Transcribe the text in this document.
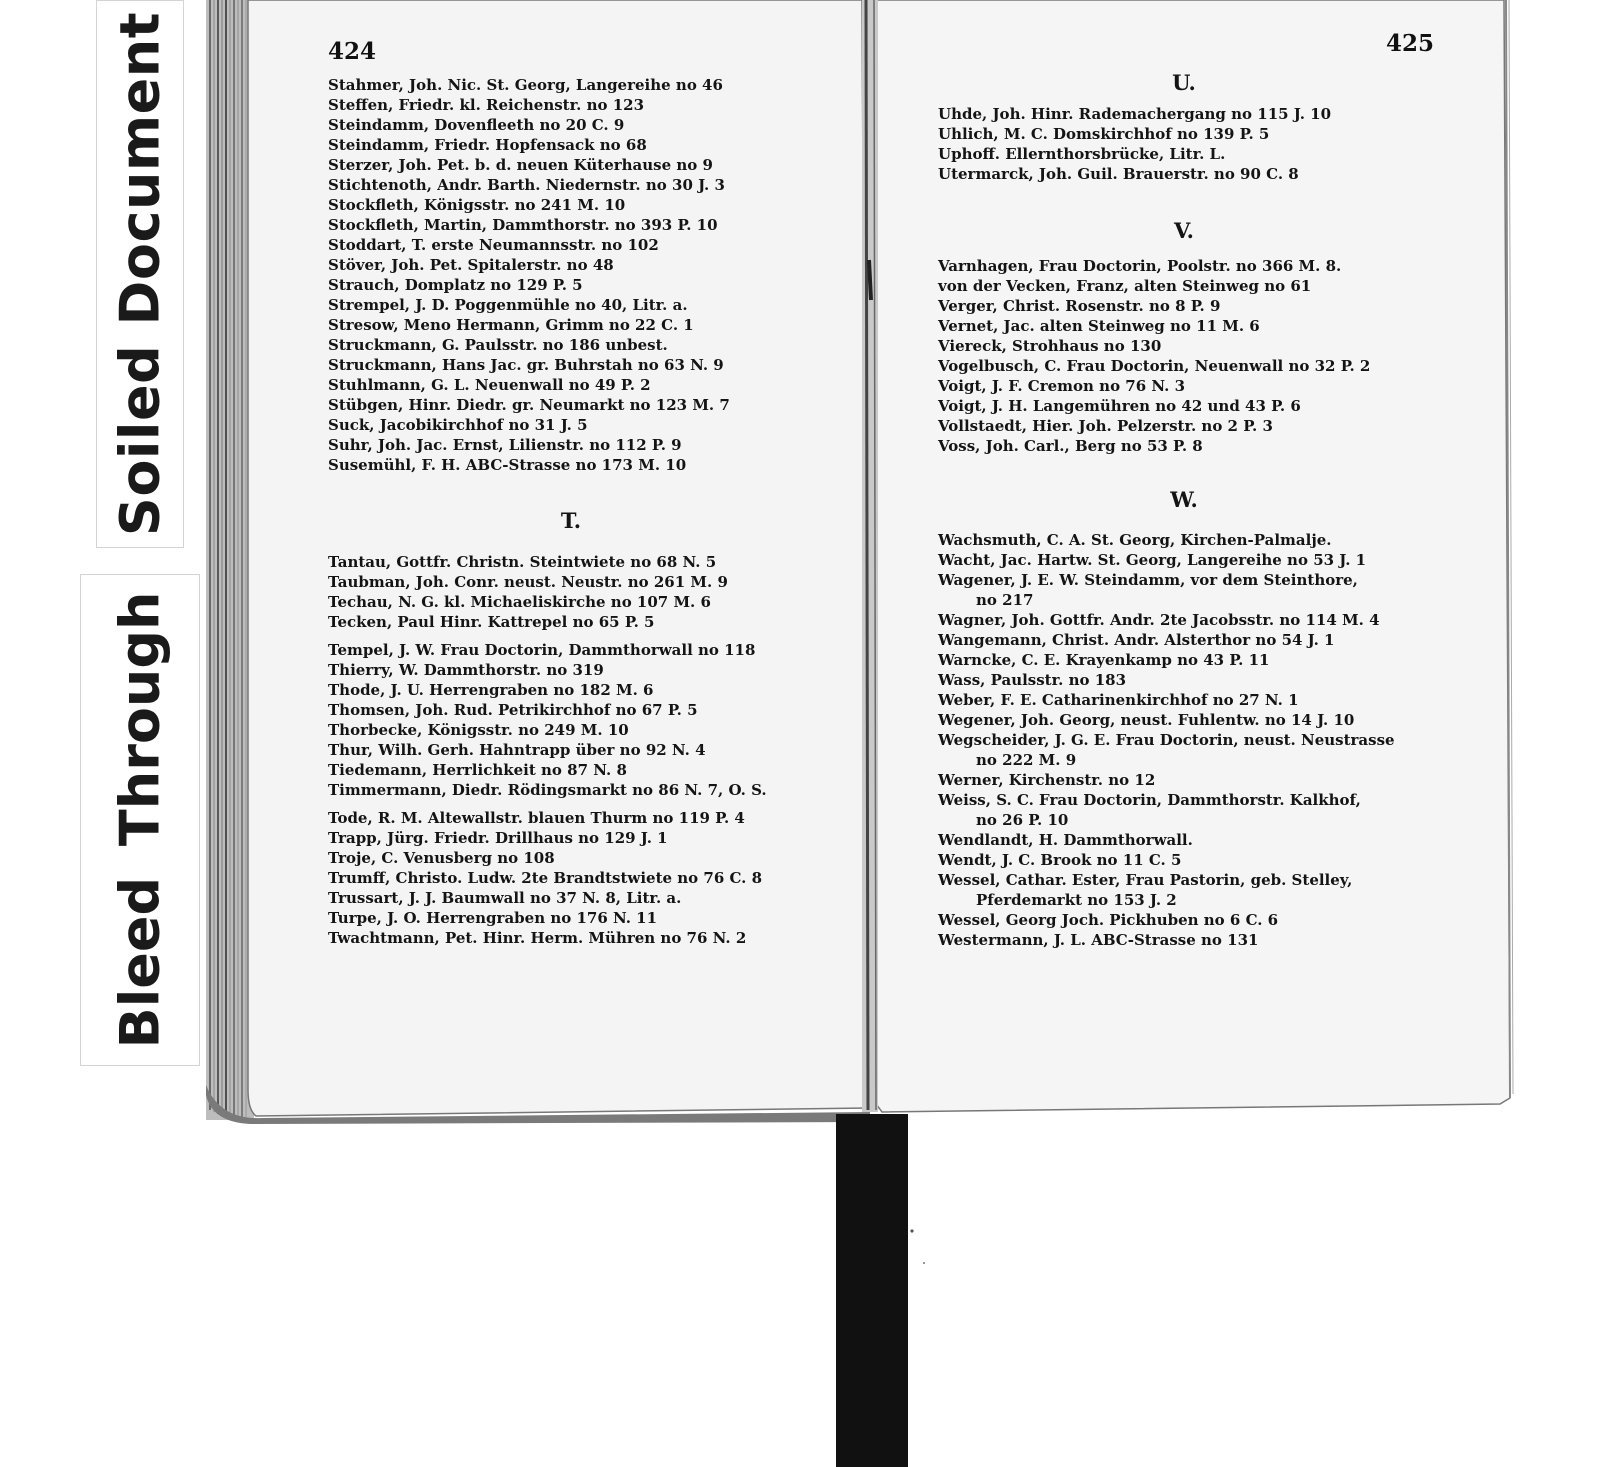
Soiled Document
Bleed Through
424	425
Stahmer, Joh. Nic. St. Georg, Langereihe no 46
Steffen, Friedr. kl. Reichenstr. no 123
Steindamm, Dovenfleeth no 20 C. 9
Steindamm, Friedr. Hopfensack no 68
Sterzer, Joh. Pet. b. d. neuen Küterhause no 9
Stichtenoth, Andr. Barth. Niedernstr. no 30 J. 3
Stockfleth, Königsstr. no 241 M. 10
Stockfleth, Martin, Dammthorstr. no 393 P. 10
Stoddart, T. erste Neumannsstr. no 102
Stöver, Joh. Pet. Spitalerstr. no 48
Strauch, Domplatz no 129 P. 5
Strempel, J. D. Poggenmühle no 40, Litr. a.
Stresow, Meno Hermann, Grimm no 22 C. 1
Struckmann, G. Paulsstr. no 186 unbest.
Struckmann, Hans Jac. gr. Buhrstah no 63 N. 9
Stuhlmann, G. L. Neuenwall no 49 P. 2
Stübgen, Hinr. Diedr. gr. Neumarkt no 123 M. 7
Suck, Jacobikirchhof no 31 J. 5
Suhr, Joh. Jac. Ernst, Lilienstr. no 112 P. 9
Susemühl, F. H. ABC-Strasse no 173 M. 10
T.
Tantau, Gottfr. Christn. Steintwiete no 68 N. 5
Taubman, Joh. Conr. neust. Neustr. no 261 M. 9
Techau, N. G. kl. Michaeliskirche no 107 M. 6
Tecken, Paul Hinr. Kattrepel no 65 P. 5
Tempel, J. W. Frau Doctorin, Dammthorwall no 118
Thierry, W. Dammthorstr. no 319
Thode, J. U. Herrengraben no 182 M. 6
Thomsen, Joh. Rud. Petrikirchhof no 67 P. 5
Thorbecke, Königsstr. no 249 M. 10
Thur, Wilh. Gerh. Hahntrapp über no 92 N. 4
Tiedemann, Herrlichkeit no 87 N. 8
Timmermann, Diedr. Rödingsmarkt no 86 N. 7, O. S.
Tode, R. M. Altewallstr. blauen Thurm no 119 P. 4
Trapp, Jürg. Friedr. Drillhaus no 129 J. 1
Troje, C. Venusberg no 108
Trumff, Christo. Ludw. 2te Brandtstwiete no 76 C. 8
Trussart, J. J. Baumwall no 37 N. 8, Litr. a.
Turpe, J. O. Herrengraben no 176 N. 11
Twachtmann, Pet. Hinr. Herm. Mühren no 76 N. 2
U.
Uhde, Joh. Hinr. Rademachergang no 115 J. 10
Uhlich, M. C. Domskirchhof no 139 P. 5
Uphoff. Ellernthorsbrücke, Litr. L.
Utermarck, Joh. Guil. Brauerstr. no 90 C. 8
V.
Varnhagen, Frau Doctorin, Poolstr. no 366 M. 8.
von der Vecken, Franz, alten Steinweg no 61
Verger, Christ. Rosenstr. no 8 P. 9
Vernet, Jac. alten Steinweg no 11 M. 6
Viereck, Strohhaus no 130
Vogelbusch, C. Frau Doctorin, Neuenwall no 32 P. 2
Voigt, J. F. Cremon no 76 N. 3
Voigt, J. H. Langemühren no 42 und 43 P. 6
Vollstaedt, Hier. Joh. Pelzerstr. no 2 P. 3
Voss, Joh. Carl., Berg no 53 P. 8
W.
Wachsmuth, C. A. St. Georg, Kirchen-Palmalje.
Wacht, Jac. Hartw. St. Georg, Langereihe no 53 J. 1
Wagener, J. E. W. Steindamm, vor dem Steinthore,
no 217
Wagner, Joh. Gottfr. Andr. 2te Jacobsstr. no 114 M. 4
Wangemann, Christ. Andr. Alsterthor no 54 J. 1
Warncke, C. E. Krayenkamp no 43 P. 11
Wass, Paulsstr. no 183
Weber, F. E. Catharinenkirchhof no 27 N. 1
Wegener, Joh. Georg, neust. Fuhlentw. no 14 J. 10
Wegscheider, J. G. E. Frau Doctorin, neust. Neustrasse
no 222 M. 9
Werner, Kirchenstr. no 12
Weiss, S. C. Frau Doctorin, Dammthorstr. Kalkhof,
no 26 P. 10
Wendlandt, H. Dammthorwall.
Wendt, J. C. Brook no 11 C. 5
Wessel, Cathar. Ester, Frau Pastorin, geb. Stelley,
Pferdemarkt no 153 J. 2
Wessel, Georg Joch. Pickhuben no 6 C. 6
Westermann, J. L. ABC-Strasse no 131
